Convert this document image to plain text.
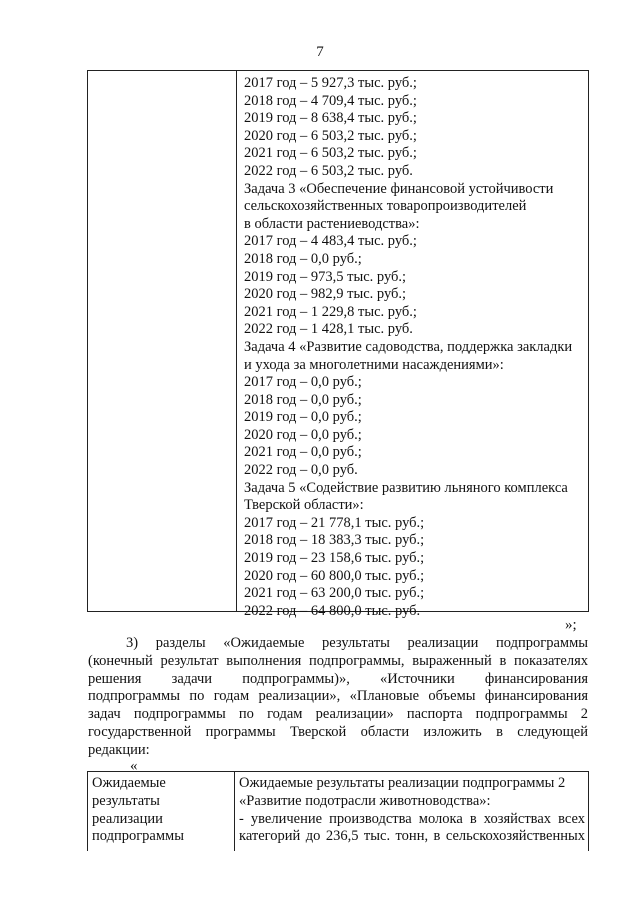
7
2017 год – 5 927,3 тыс. руб.;
2018 год – 4 709,4 тыс. руб.;
2019 год – 8 638,4 тыс. руб.;
2020 год – 6 503,2 тыс. руб.;
2021 год – 6 503,2 тыс. руб.;
2022 год – 6 503,2 тыс. руб.
Задача 3 «Обеспечение финансовой устойчивости
сельскохозяйственных товаропроизводителей
в области растениеводства»:
2017 год – 4 483,4 тыс. руб.;
2018 год – 0,0 руб.;
2019 год – 973,5 тыс. руб.;
2020 год – 982,9 тыс. руб.;
2021 год – 1 229,8 тыс. руб.;
2022 год – 1 428,1 тыс. руб.
Задача 4 «Развитие садоводства, поддержка закладки
и ухода за многолетними насаждениями»:
2017 год – 0,0 руб.;
2018 год – 0,0 руб.;
2019 год – 0,0 руб.;
2020 год – 0,0 руб.;
2021 год – 0,0 руб.;
2022 год – 0,0 руб.
Задача 5 «Содействие развитию льняного комплекса
Тверской области»:
2017 год – 21 778,1 тыс. руб.;
2018 год – 18 383,3 тыс. руб.;
2019 год – 23 158,6 тыс. руб.;
2020 год – 60 800,0 тыс. руб.;
2021 год – 63 200,0 тыс. руб.;
2022 год – 64 800,0 тыс. руб.
»;
3) разделы «Ожидаемые результаты реализации подпрограммы
(конечный результат выполнения подпрограммы, выраженный в показателях
решения задачи подпрограммы)», «Источники финансирования
подпрограммы по годам реализации», «Плановые объемы финансирования
задач подпрограммы по годам реализации» паспорта подпрограммы 2
государственной программы Тверской области изложить в следующей
редакции:
«
Ожидаемые
результаты
реализации
подпрограммы
Ожидаемые результаты реализации подпрограммы 2
«Развитие подотрасли животноводства»:
- увеличение производства молока в хозяйствах всех
категорий до 236,5 тыс. тонн, в сельскохозяйственных
